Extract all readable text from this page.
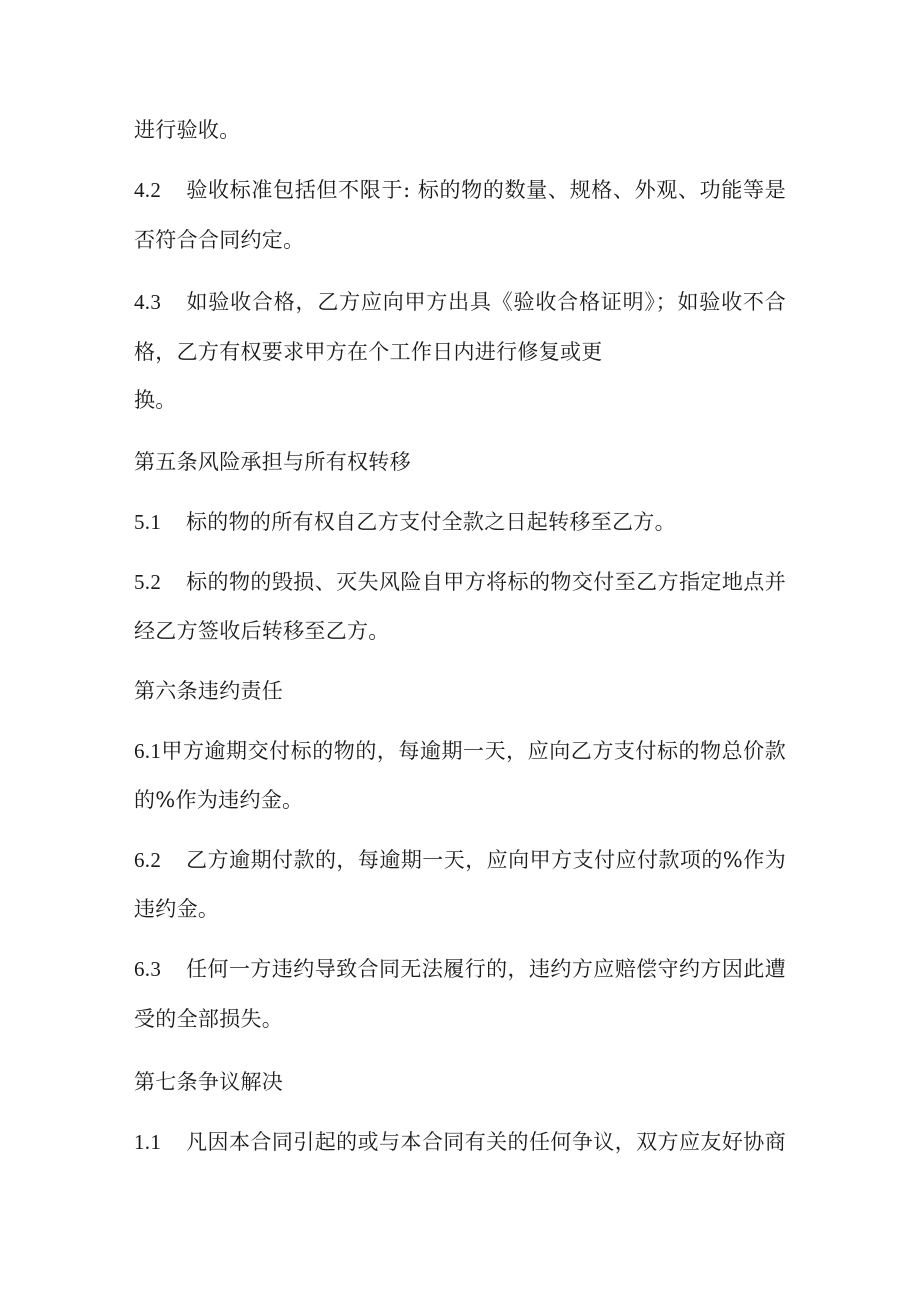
进行验收。
4.2 验收标准包括但不限于: 标的物的数量、规格、外观、功能等是
否符合合同约定。
4.3 如验收合格，乙方应向甲方出具《验收合格证明》；如验收不合
格，乙方有权要求甲方在个工作日内进行修复或更
换。
第五条风险承担与所有权转移
5.1 标的物的所有权自乙方支付全款之日起转移至乙方。
5.2 标的物的毁损、灭失风险自甲方将标的物交付至乙方指定地点并
经乙方签收后转移至乙方。
第六条违约责任
6.1甲方逾期交付标的物的，每逾期一天，应向乙方支付标的物总价款
的%作为违约金。
6.2 乙方逾期付款的，每逾期一天，应向甲方支付应付款项的%作为
违约金。
6.3 任何一方违约导致合同无法履行的，违约方应赔偿守约方因此遭
受的全部损失。
第七条争议解决
1.1 凡因本合同引起的或与本合同有关的任何争议，双方应友好协商
